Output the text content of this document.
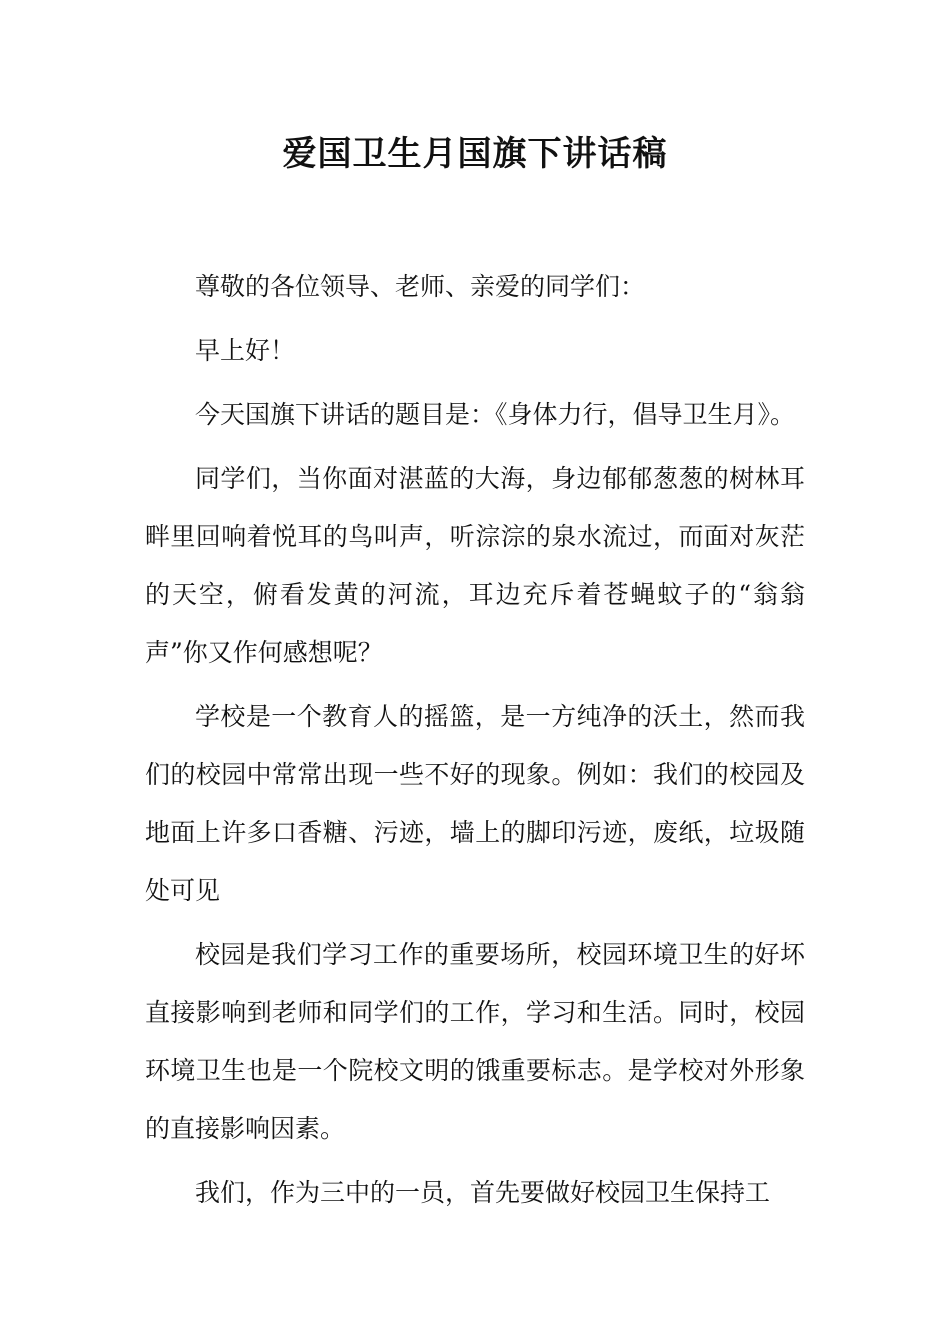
爱国卫生月国旗下讲话稿

尊敬的各位领导、老师、亲爱的同学们：

早上好！

今天国旗下讲话的题目是：《身体力行，倡导卫生月》。

同学们，当你面对湛蓝的大海，身边郁郁葱葱的树林耳畔里回响着悦耳的鸟叫声，听淙淙的泉水流过，而面对灰茫的天空，俯看发黄的河流，耳边充斥着苍蝇蚊子的“翁翁声”你又作何感想呢？

学校是一个教育人的摇篮，是一方纯净的沃土，然而我们的校园中常常出现一些不好的现象。例如：我们的校园及地面上许多口香糖、污迹，墙上的脚印污迹，废纸，垃圾随处可见

校园是我们学习工作的重要场所，校园环境卫生的好坏直接影响到老师和同学们的工作，学习和生活。同时，校园环境卫生也是一个院校文明的饿重要标志。是学校对外形象的直接影响因素。

我们，作为三中的一员，首先要做好校园卫生保持工
